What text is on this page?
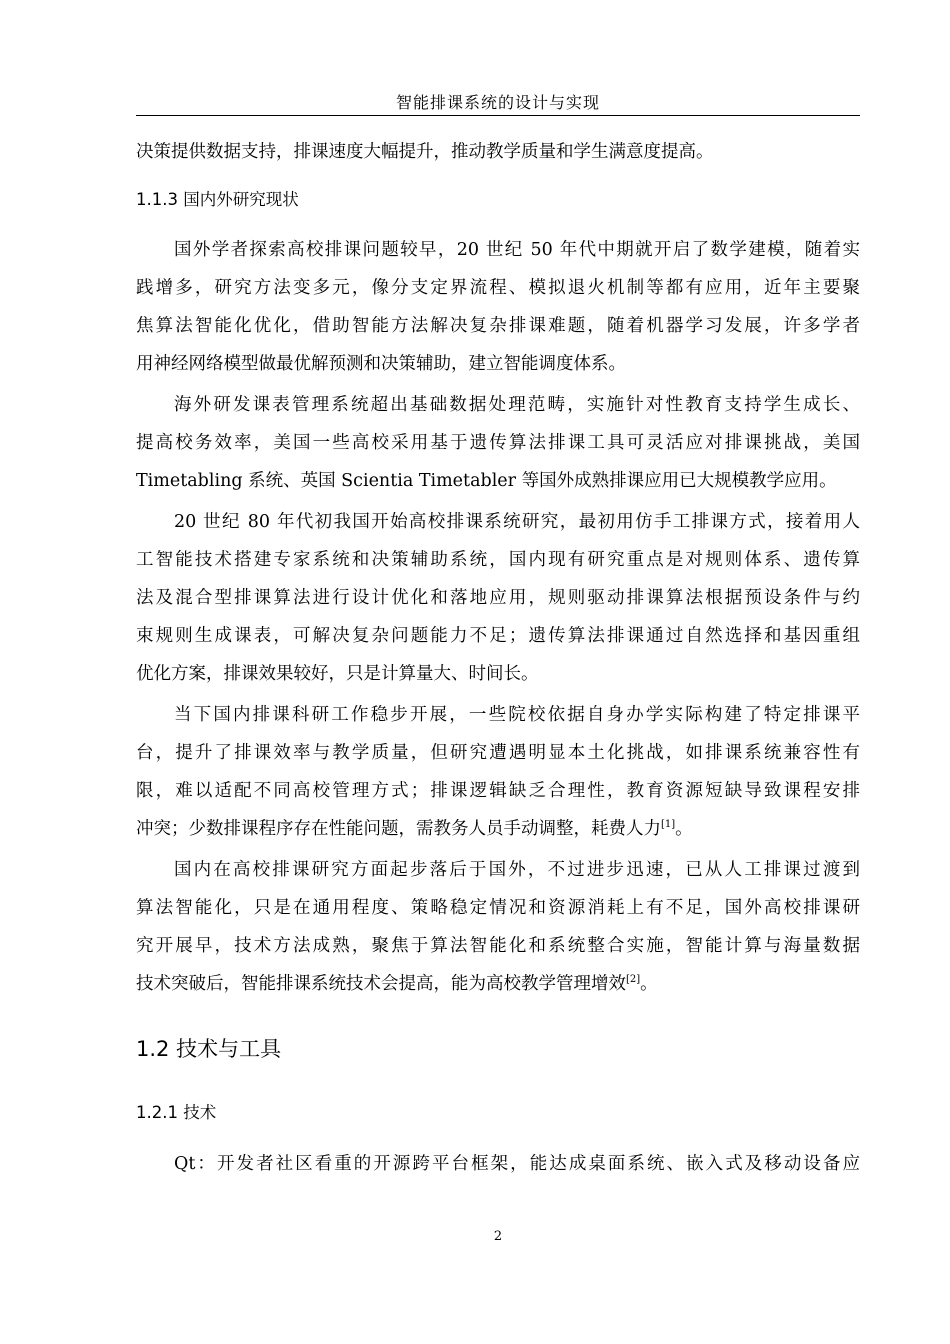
智能排课系统的设计与实现
决策提供数据支持，排课速度大幅提升，推动教学质量和学生满意度提高。
1.1.3 国内外研究现状
国外学者探索高校排课问题较早，20 世纪 50 年代中期就开启了数学建模，随着实
践增多，研究方法变多元，像分支定界流程、模拟退火机制等都有应用，近年主要聚
焦算法智能化优化，借助智能方法解决复杂排课难题，随着机器学习发展，许多学者
用神经网络模型做最优解预测和决策辅助，建立智能调度体系。
海外研发课表管理系统超出基础数据处理范畴，实施针对性教育支持学生成长、
提高校务效率，美国一些高校采用基于遗传算法排课工具可灵活应对排课挑战，美国
Timetabling 系统、英国 Scientia Timetabler 等国外成熟排课应用已大规模教学应用。
20 世纪 80 年代初我国开始高校排课系统研究，最初用仿手工排课方式，接着用人
工智能技术搭建专家系统和决策辅助系统，国内现有研究重点是对规则体系、遗传算
法及混合型排课算法进行设计优化和落地应用，规则驱动排课算法根据预设条件与约
束规则生成课表，可解决复杂问题能力不足；遗传算法排课通过自然选择和基因重组
优化方案，排课效果较好，只是计算量大、时间长。
当下国内排课科研工作稳步开展，一些院校依据自身办学实际构建了特定排课平
台，提升了排课效率与教学质量，但研究遭遇明显本土化挑战，如排课系统兼容性有
限，难以适配不同高校管理方式；排课逻辑缺乏合理性，教育资源短缺导致课程安排
冲突；少数排课程序存在性能问题，需教务人员手动调整，耗费人力[1]。
国内在高校排课研究方面起步落后于国外，不过进步迅速，已从人工排课过渡到
算法智能化，只是在通用程度、策略稳定情况和资源消耗上有不足，国外高校排课研
究开展早，技术方法成熟，聚焦于算法智能化和系统整合实施，智能计算与海量数据
技术突破后，智能排课系统技术会提高，能为高校教学管理增效[2]。
1.2 技术与工具
1.2.1 技术
Qt：开发者社区看重的开源跨平台框架，能达成桌面系统、嵌入式及移动设备应
2
